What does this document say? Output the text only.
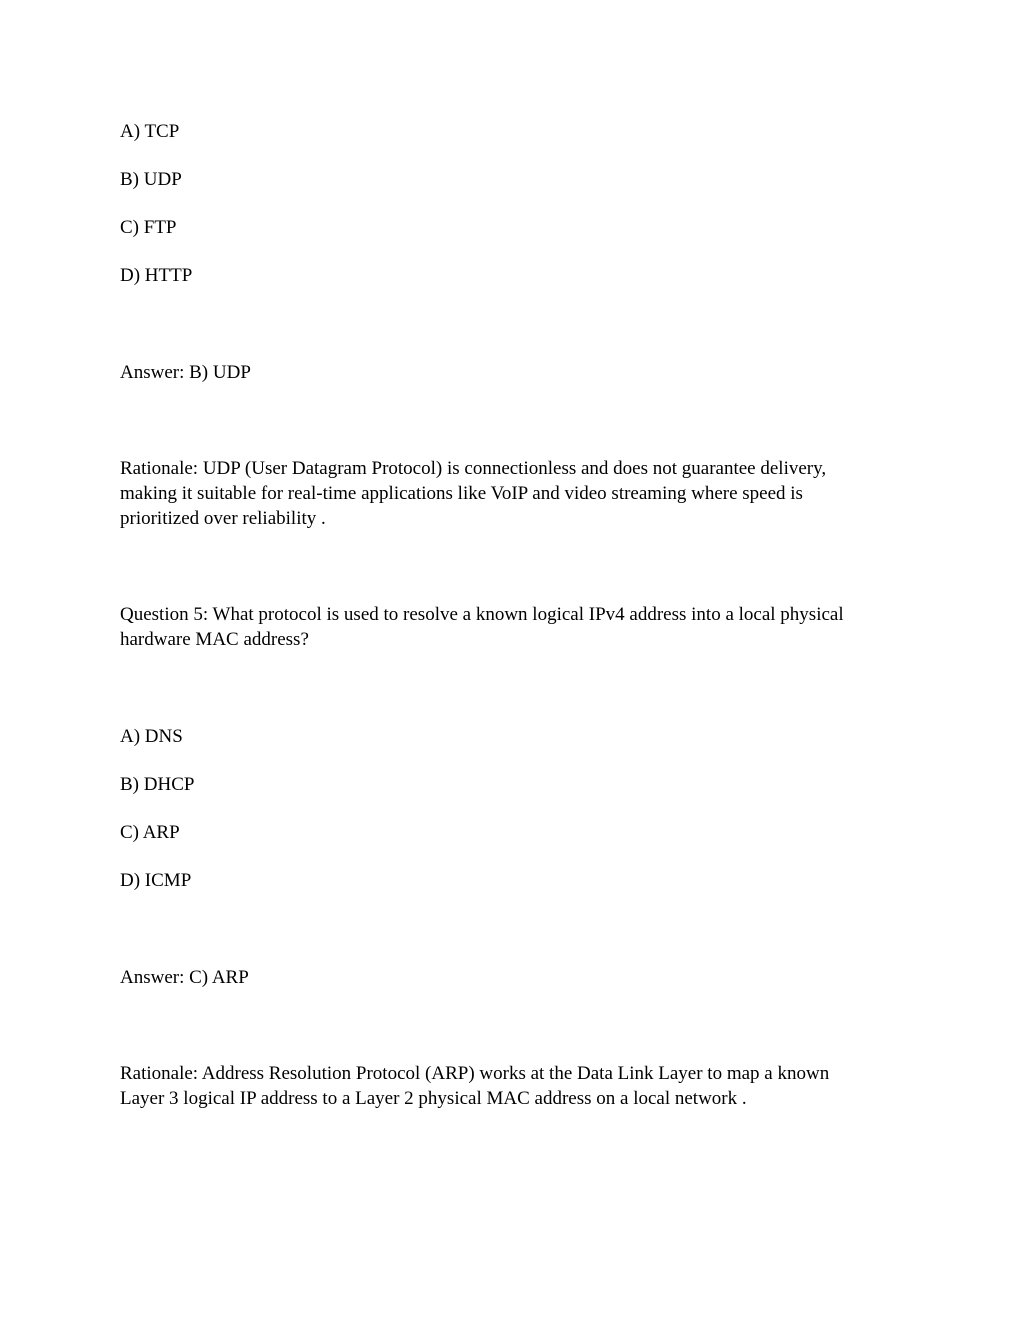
A) TCP
B) UDP
C) FTP
D) HTTP
Answer: B) UDP
Rationale: UDP (User Datagram Protocol) is connectionless and does not guarantee delivery,
making it suitable for real-time applications like VoIP and video streaming where speed is
prioritized over reliability .
Question 5: What protocol is used to resolve a known logical IPv4 address into a local physical
hardware MAC address?
A) DNS
B) DHCP
C) ARP
D) ICMP
Answer: C) ARP
Rationale: Address Resolution Protocol (ARP) works at the Data Link Layer to map a known
Layer 3 logical IP address to a Layer 2 physical MAC address on a local network .
